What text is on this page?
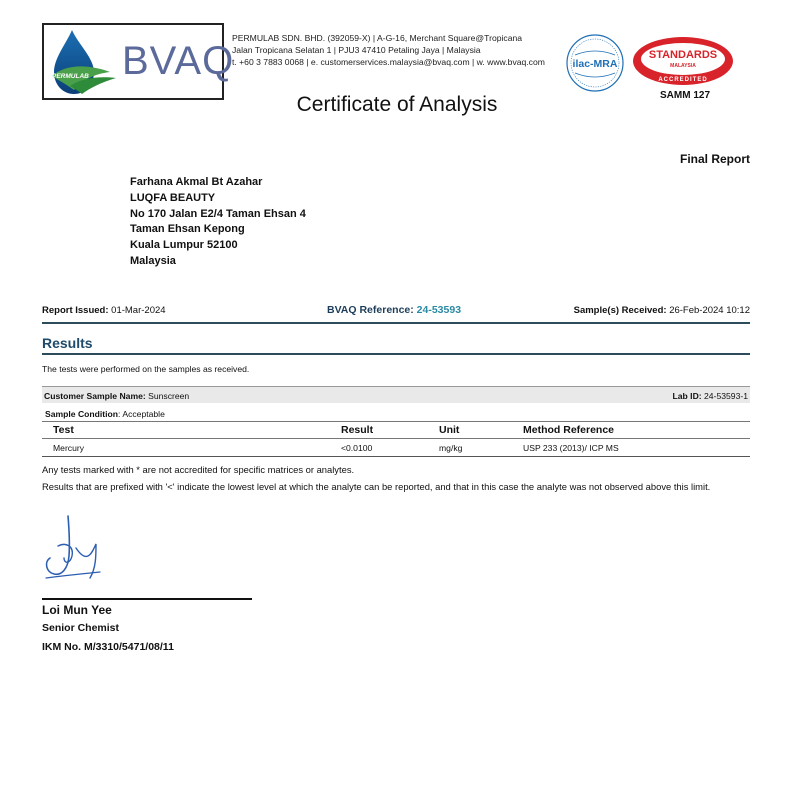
PERMULAB BVAQ
PERMULAB SDN. BHD. (392059-X) | A-G-16, Merchant Square@Tropicana
Jalan Tropicana Selatan 1 | PJU3 47410 Petaling Jaya | Malaysia
t. +60 3 7883 0068 | e. customerservices.malaysia@bvaq.com | w. www.bvaq.com	ilac-MRA
STANDARDS
MALAYSIA
ACCREDITED
SAMM 127
Certificate of Analysis
Final Report
Farhana Akmal Bt Azahar
LUQFA BEAUTY
No 170 Jalan E2/4 Taman Ehsan 4
Taman Ehsan Kepong
Kuala Lumpur 52100
Malaysia
Report Issued: 01-Mar-2024	BVAQ Reference: 24-53593	Sample(s) Received: 26-Feb-2024 10:12
Results
The tests were performed on the samples as received.
Customer Sample Name: Sunscreen	Lab ID: 24-53593-1
Sample Condition: Acceptable
Test	Result	Unit	Method Reference
Mercury	<0.0100	mg/kg	USP 233 (2013)/ ICP MS
Any tests marked with * are not accredited for specific matrices or analytes.
Results that are prefixed with '<' indicate the lowest level at which the analyte can be reported, and that in this case the analyte was not observed above this limit.
Loi Mun Yee
Senior Chemist
IKM No. M/3310/5471/08/11
